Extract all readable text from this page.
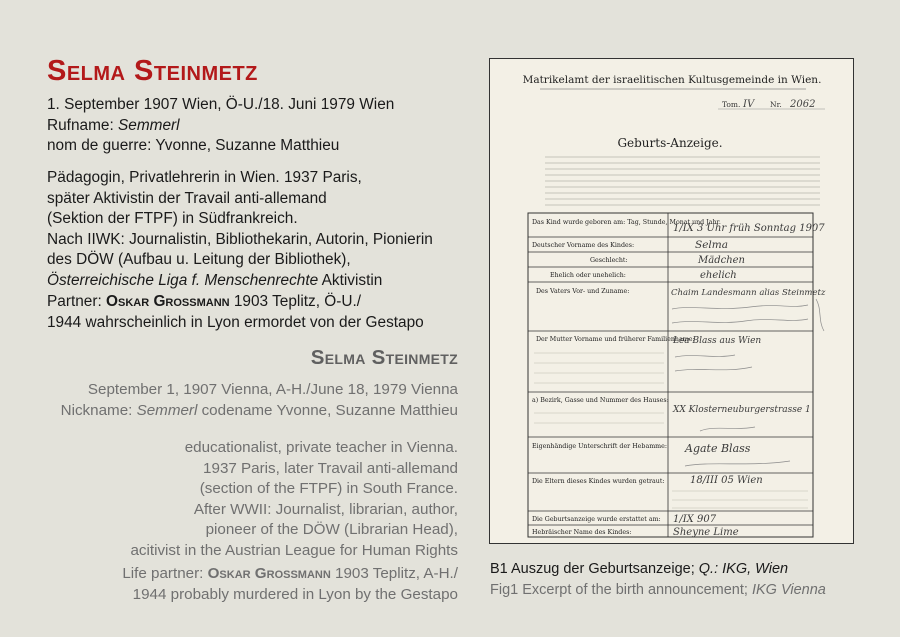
Selma Steinmetz
1. September 1907 Wien, Ö-U./18. Juni 1979 Wien
Rufname: Semmerl
nom de guerre: Yvonne, Suzanne Matthieu
Pädagogin, Privatlehrerin in Wien. 1937 Paris,
später Aktivistin der Travail anti-allemand
(Sektion der FTPF) in Südfrankreich.
Nach IIWK: Journalistin, Bibliothekarin, Autorin, Pionierin
des DÖW (Aufbau u. Leitung der Bibliothek),
Österreichische Liga f. Menschenrechte Aktivistin
Partner: Oskar Grossmann 1903 Teplitz, Ö-U./
1944 wahrscheinlich in Lyon ermordet von der Gestapo
Selma Steinmetz
September 1, 1907 Vienna, A-H./June 18, 1979 Vienna
Nickname: Semmerl codename Yvonne, Suzanne Matthieu
educationalist, private teacher in Vienna.
1937 Paris, later Travail anti-allemand
(section of the FTPF) in South France.
After WWII: Journalist, librarian, author,
pioneer of the DÖW (Librarian Head),
acitivist in the Austrian League for Human Rights
Life partner: Oskar Grossmann 1903 Teplitz, A-H./
1944 probably murdered in Lyon by the Gestapo
Matrikelamt der israelitischen Kultusgemeinde in Wien.
Tom. IV Nr. 2062
Geburts-Anzeige.
Das Kind wurde geboren am: Tag, Stunde, Monat und Jahr.
1/IX 3 Uhr früh Sonntag 1907
Deutscher Vorname des Kindes:	Selma
Geschlecht:	Mädchen
Ehelich oder unehelich:	ehelich
Des Vaters Vor- und Zuname:	Chaim Landesmann alias Steinmetz
Der Mutter Vorname und früherer Familienname:
Lea Blass aus Wien
a) Bezirk, Gasse und Nummer des Hauses:
XX Klosterneuburgerstrasse 1
Eigenhändige Unterschrift der Hebamme: Agate Blass
Die Eltern dieses Kindes wurden getraut:	18/III 05 Wien
Die Geburtsanzeige wurde erstattet am: 1/IX 907
Hebräischer Name des Kindes:	Sheyne Lime
B1 Auszug der Geburtsanzeige; Q.: IKG, Wien
Fig1 Excerpt of the birth announcement; IKG Vienna
